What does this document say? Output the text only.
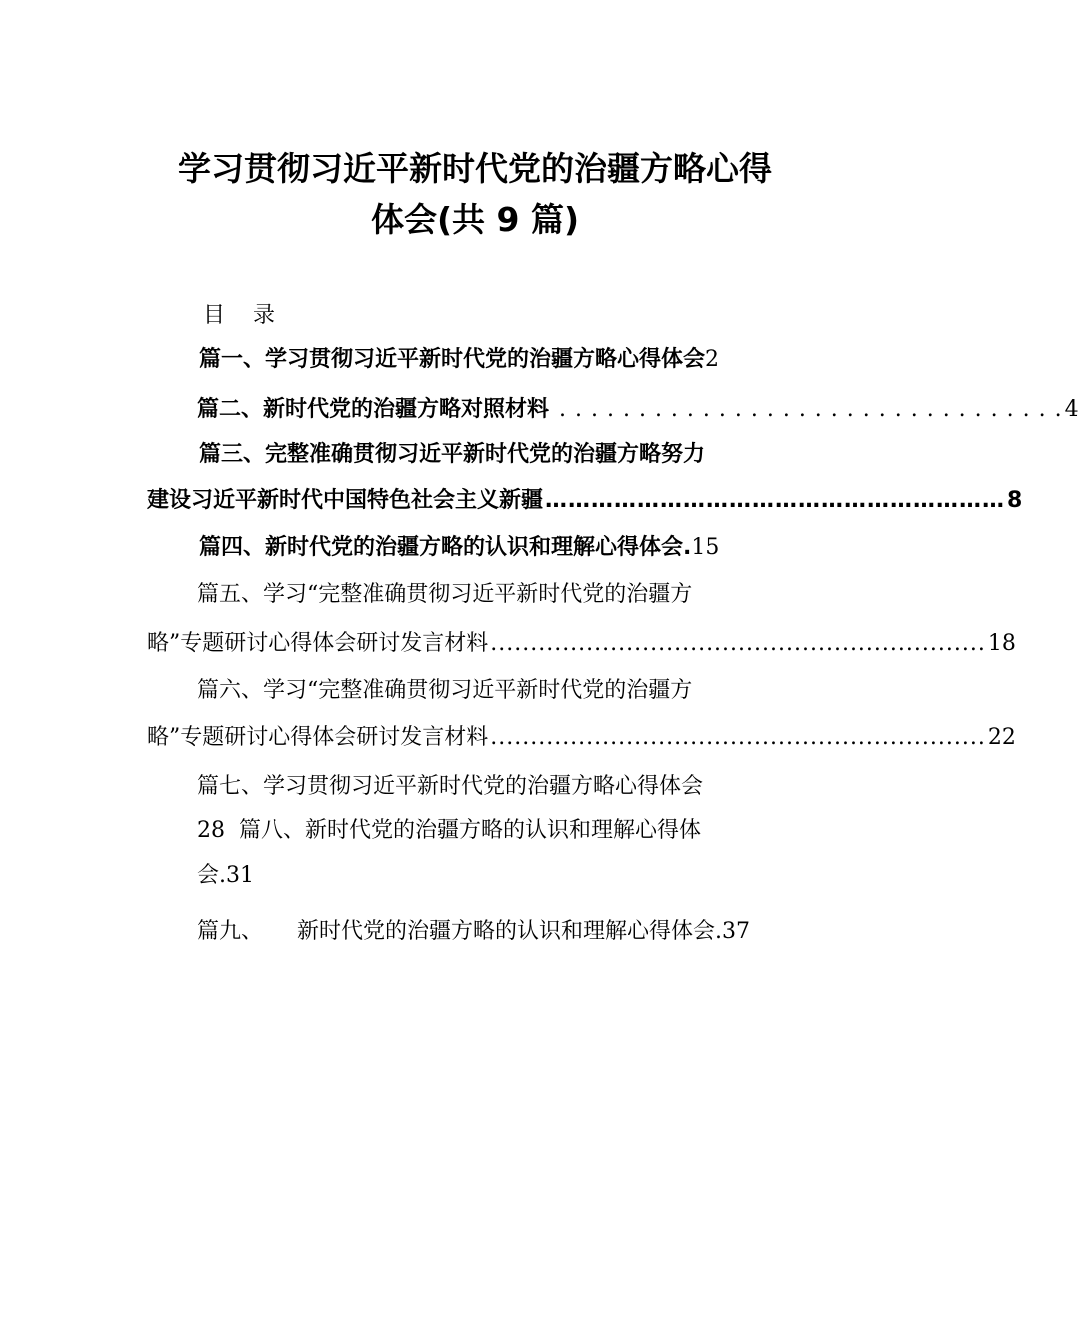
学习贯彻习近平新时代党的治疆方略心得
体会(共 9 篇)
目    录
篇一、学习贯彻习近平新时代党的治疆方略心得体会2
篇二、 新时代党的治疆方略对照材料 . . . . . . . . . . . . . . . . . . . . . . . . . . . . . . . . 4
篇三、完整准确贯彻习近平新时代党的治疆方略努力
建设习近平新时代中国特色社会主义新疆 …………………………………………………… 8
篇四、新时代党的治疆方略的认识和理解心得体会.15
篇五、学习“完整准确贯彻习近平新时代党的治疆方
略”专题研讨心得体会研讨发言材料 .............................................................. 18
篇六、学习“完整准确贯彻习近平新时代党的治疆方
略”专题研讨心得体会研讨发言材料 .............................................................. 22
篇七、学习贯彻习近平新时代党的治疆方略心得体会
28 篇八、新时代党的治疆方略的认识和理解心得体
会.31
篇九、 新时代党的治疆方略的认识和理解心得体会.37
